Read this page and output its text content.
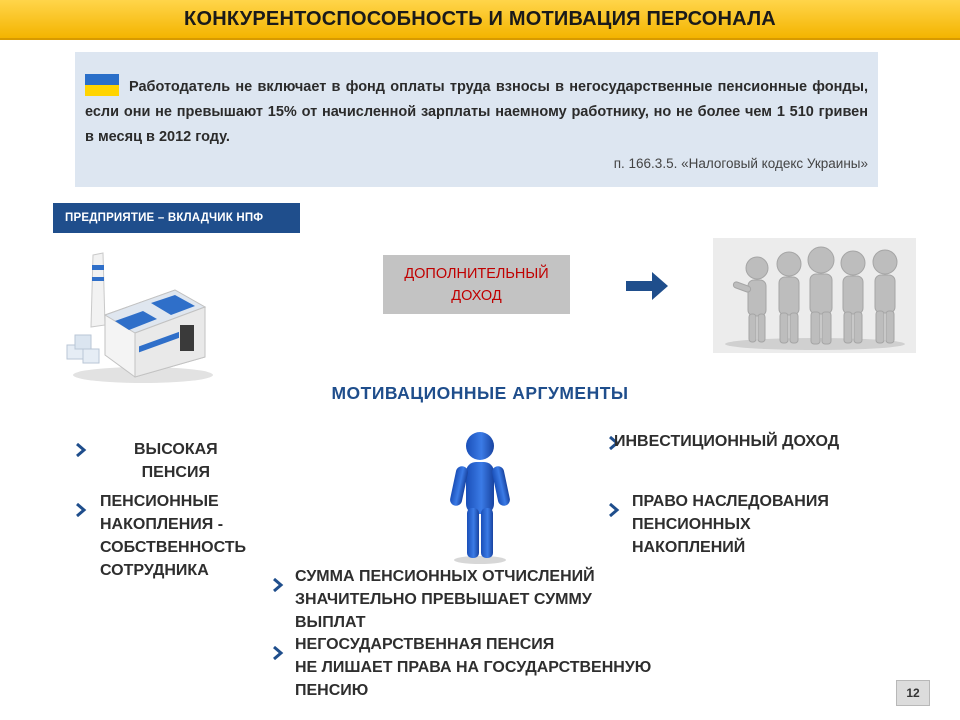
КОНКУРЕНТОСПОСОБНОСТЬ И МОТИВАЦИЯ ПЕРСОНАЛА

Работодатель не включает в фонд оплаты труда взносы в негосударственные пенсионные фонды, если они не превышают 15% от начисленной зарплаты наемному работнику, но не более чем 1 510 гривен в месяц в 2012 году.

п. 166.3.5. «Налоговый кодекс Украины»
ПРЕДПРИЯТИЕ – ВКЛАДЧИК НПФ
ДОПОЛНИТЕЛЬНЫЙ
ДОХОД
МОТИВАЦИОННЫЕ АРГУМЕНТЫ
ВЫСОКАЯ
ПЕНСИЯ
ПЕНСИОННЫЕ
НАКОПЛЕНИЯ -
СОБСТВЕННОСТЬ
СОТРУДНИКА
ИНВЕСТИЦИОННЫЙ ДОХОД
ПРАВО НАСЛЕДОВАНИЯ
ПЕНСИОННЫХ
НАКОПЛЕНИЙ
СУММА ПЕНСИОННЫХ ОТЧИСЛЕНИЙ
ЗНАЧИТЕЛЬНО ПРЕВЫШАЕТ СУММУ
ВЫПЛАТ
НЕГОСУДАРСТВЕННАЯ ПЕНСИЯ
НЕ ЛИШАЕТ ПРАВА НА ГОСУДАРСТВЕННУЮ
ПЕНСИЮ	12
